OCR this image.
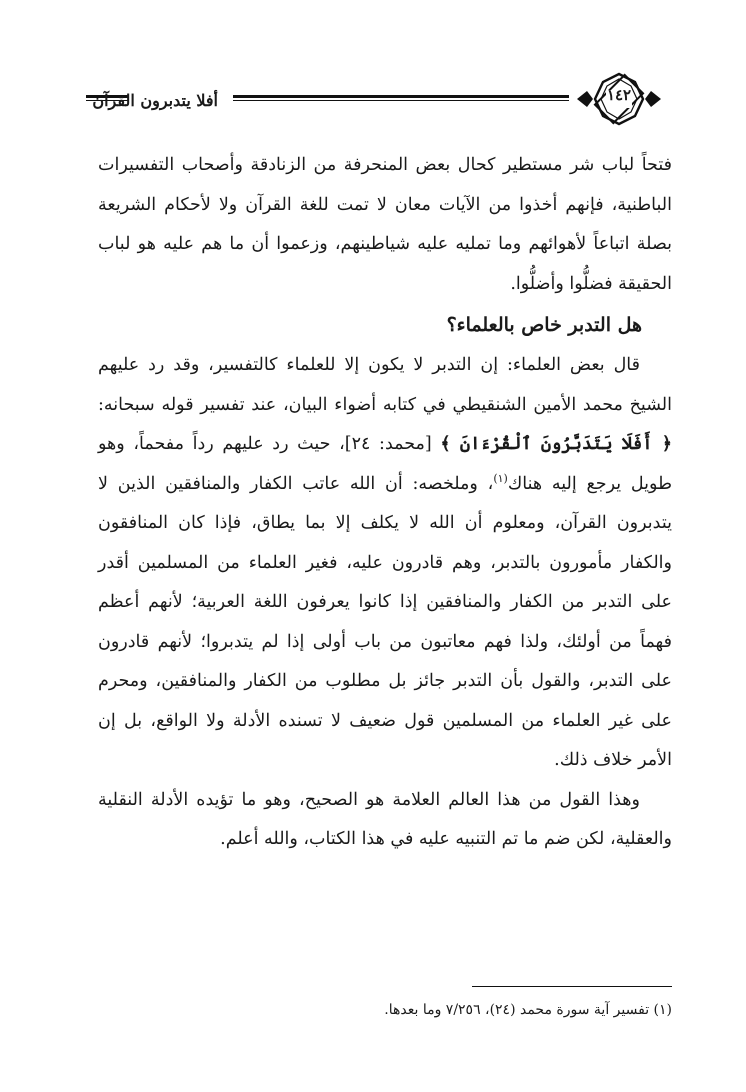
أفلا يتدبرون القرآن	١٤٢

فتحاً لباب شر مستطير كحال بعض المنحرفة من الزنادقة وأصحاب التفسيرات الباطنية، فإنهم أخذوا من الآيات معان لا تمت للغة القرآن ولا لأحكام الشريعة بصلة اتباعاً لأهوائهم وما تمليه عليه شياطينهم، وزعموا أن ما هم عليه هو لباب الحقيقة فضلُّوا وأضلُّوا.

هل التدبر خاص بالعلماء؟

قال بعض العلماء: إن التدبر لا يكون إلا للعلماء كالتفسير، وقد رد عليهم الشيخ محمد الأمين الشنقيطي في كتابه أضواء البيان، عند تفسير قوله سبحانه: ﴿ أَفَلَا يَتَدَبَّرُونَ ٱلْقُرْءَانَ ﴾ [محمد: ٢٤]، حيث رد عليهم رداً مفحماً، وهو طويل يرجع إليه هناك$^{(١)}$، وملخصه: أن الله عاتب الكفار والمنافقين الذين لا يتدبرون القرآن، ومعلوم أن الله لا يكلف إلا بما يطاق، فإذا كان المنافقون والكفار مأمورون بالتدبر، وهم قادرون عليه، فغير العلماء من المسلمين أقدر على التدبر من الكفار والمنافقين إذا كانوا يعرفون اللغة العربية؛ لأنهم أعظم فهماً من أولئك، ولذا فهم معاتبون من باب أولى إذا لم يتدبروا؛ لأنهم قادرون على التدبر، والقول بأن التدبر جائز بل مطلوب من الكفار والمنافقين، ومحرم على غير العلماء من المسلمين قول ضعيف لا تسنده الأدلة ولا الواقع، بل إن الأمر خلاف ذلك.

وهذا القول من هذا العالم العلامة هو الصحيح، وهو ما تؤيده الأدلة النقلية والعقلية، لكن ضم ما تم التنبيه عليه في هذا الكتاب، والله أعلم.

(١) تفسير آية سورة محمد (٢٤)، ٧/٢٥٦ وما بعدها.
